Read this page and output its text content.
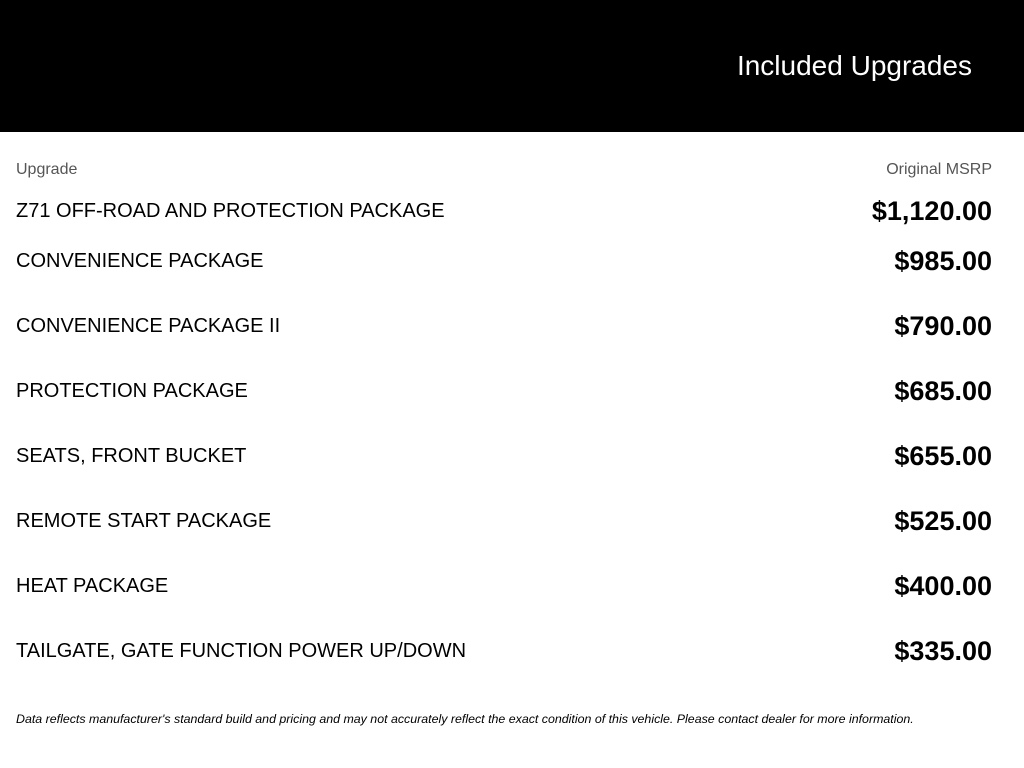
Included Upgrades
Upgrade	Original MSRP
Z71 OFF-ROAD AND PROTECTION PACKAGE	$1,120.00
CONVENIENCE PACKAGE	$985.00
CONVENIENCE PACKAGE II	$790.00
PROTECTION PACKAGE	$685.00
SEATS, FRONT BUCKET	$655.00
REMOTE START PACKAGE	$525.00
HEAT PACKAGE	$400.00
TAILGATE, GATE FUNCTION POWER UP/DOWN	$335.00

Data reflects manufacturer's standard build and pricing and may not accurately reflect the exact condition of this vehicle. Please contact dealer for more information.
